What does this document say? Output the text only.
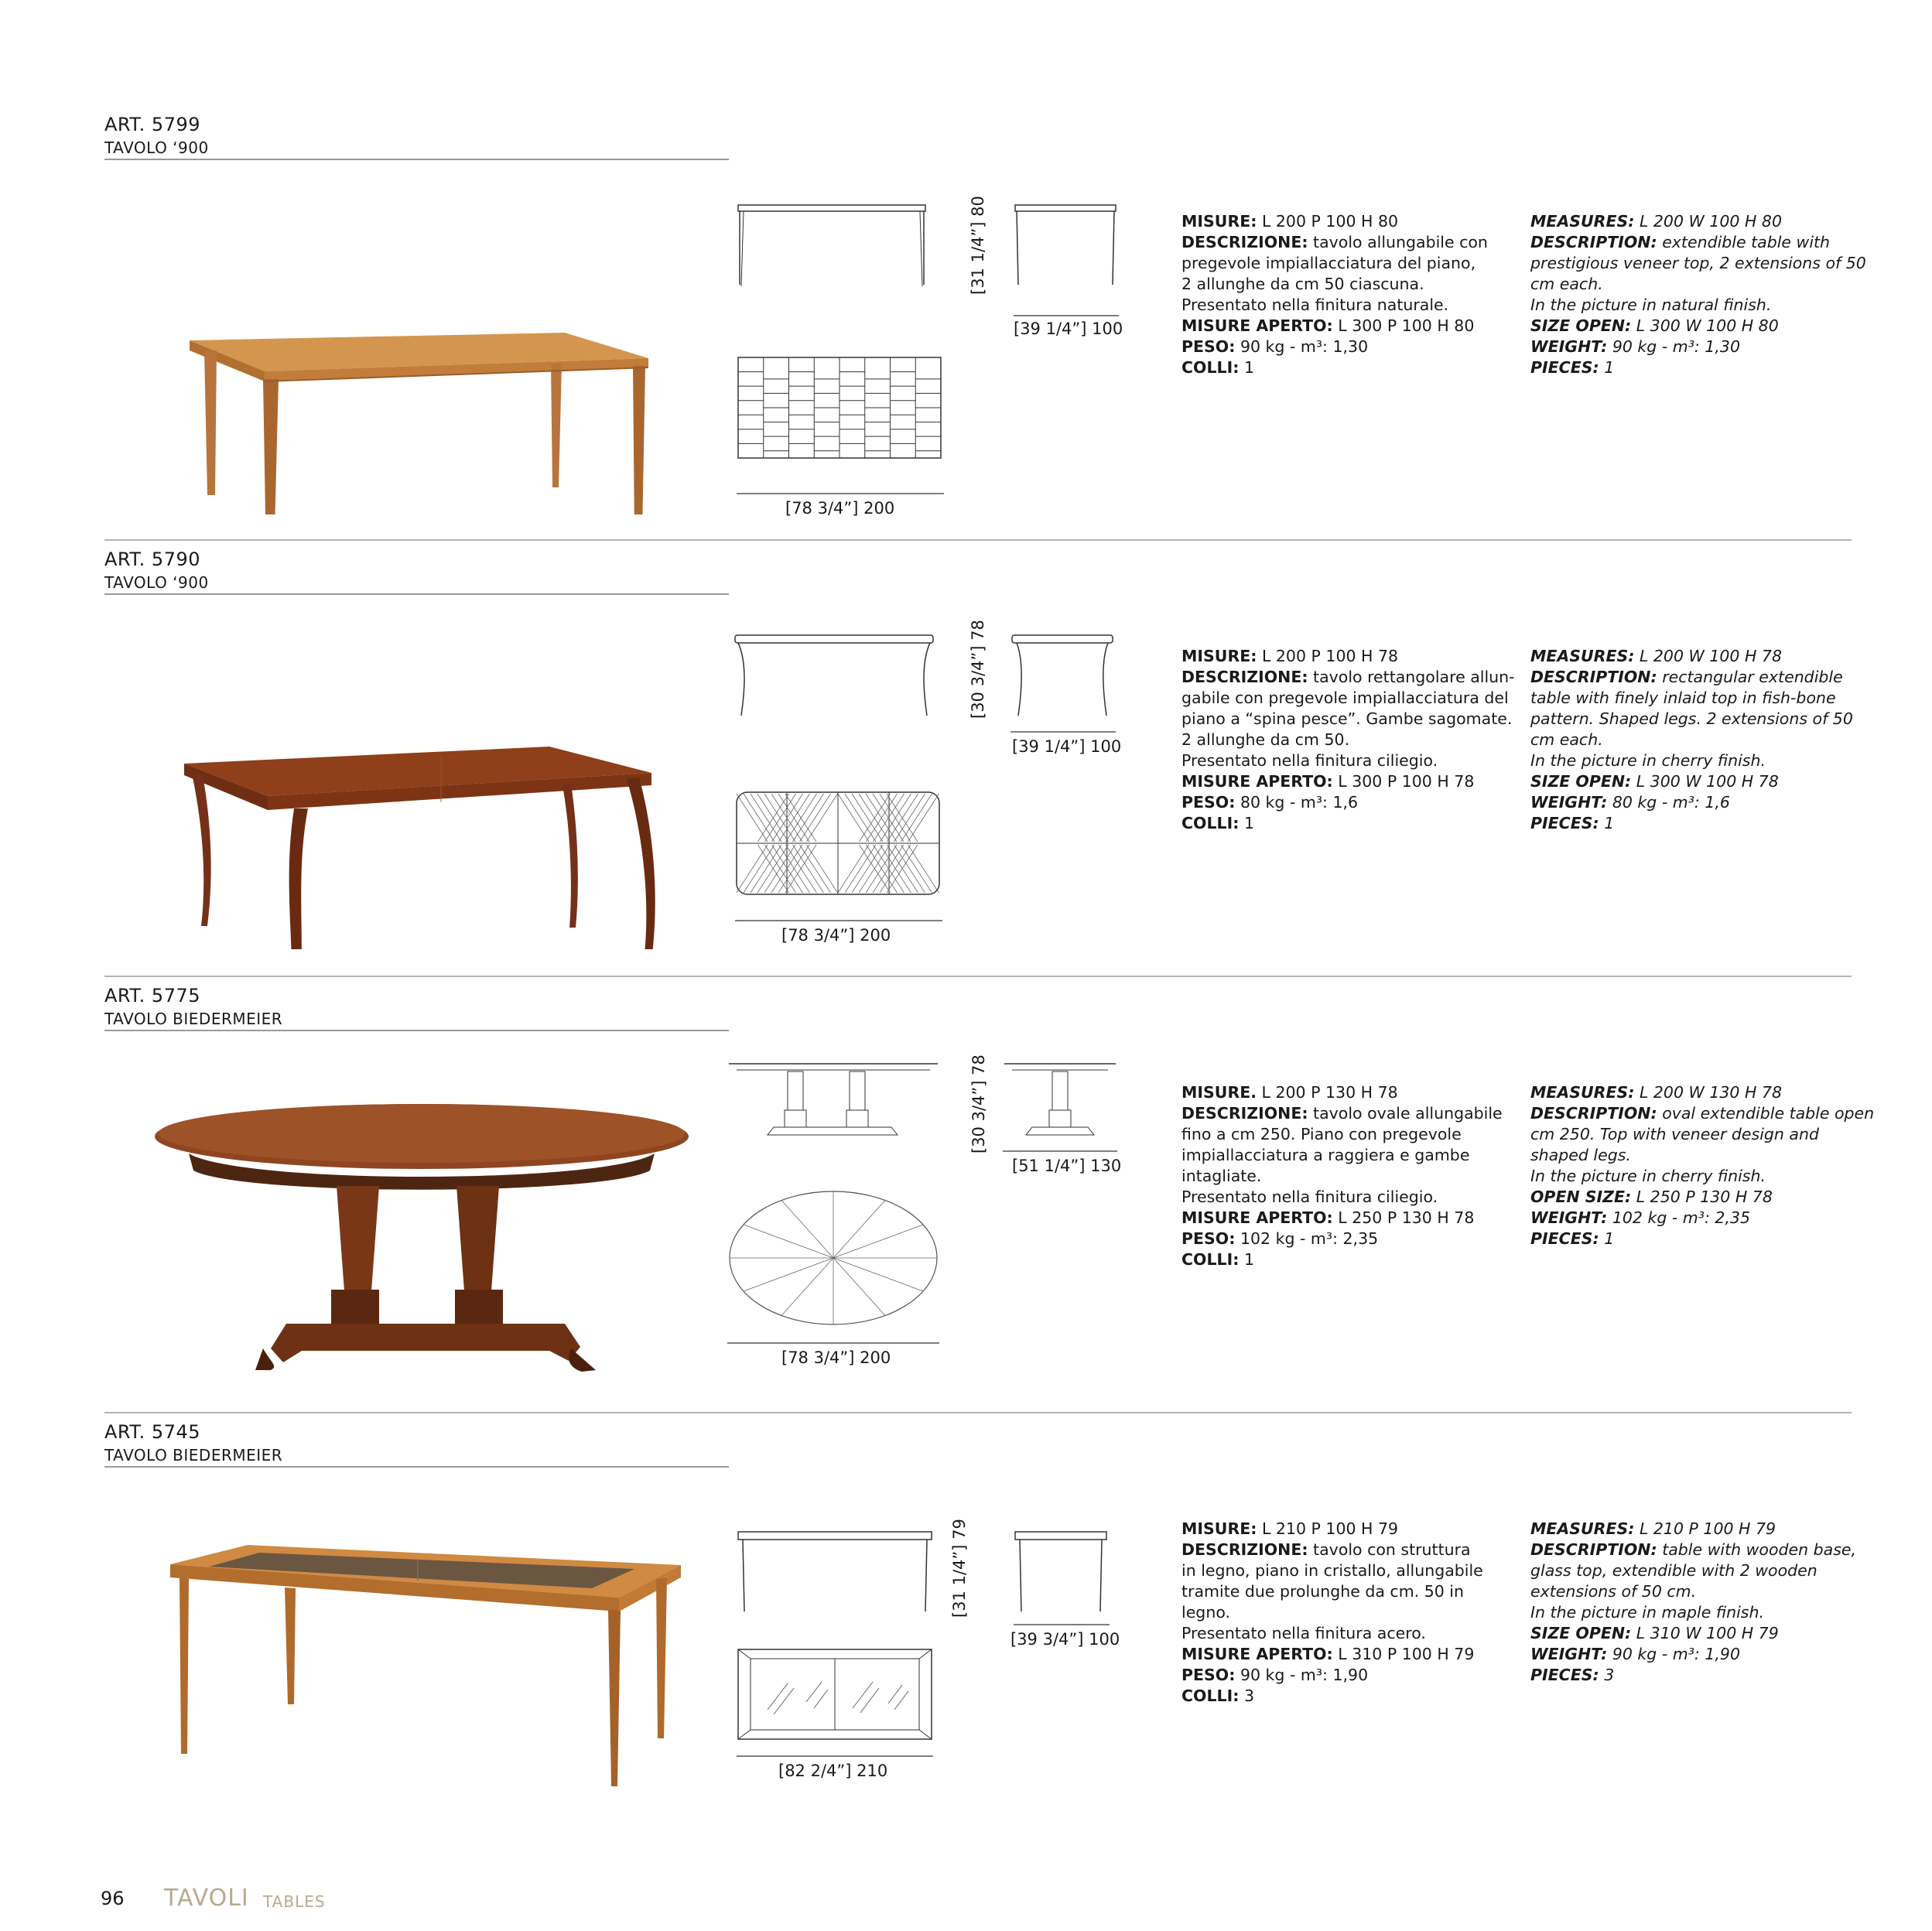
ART. 5799
TAVOLO ‘900
[31 1/4”] 80
[39 1/4”] 100
[78 3/4”] 200
MISURE: L 200 P 100 H 80
DESCRIZIONE: tavolo allungabile con
pregevole impiallacciatura del piano,
2 allunghe da cm 50 ciascuna.
Presentato nella finitura naturale.
MISURE APERTO: L 300 P 100 H 80
PESO: 90 kg - m³: 1,30
COLLI: 1
MEASURES: L 200 W 100 H 80
DESCRIPTION: extendible table with
prestigious veneer top, 2 extensions of 50
cm each.
In the picture in natural finish.
SIZE OPEN: L 300 W 100 H 80
WEIGHT: 90 kg - m³: 1,30
PIECES: 1
ART. 5790
TAVOLO ‘900
[30 3/4”] 78
[39 1/4”] 100
[78 3/4”] 200
MISURE: L 200 P 100 H 78
DESCRIZIONE: tavolo rettangolare allun-
gabile con pregevole impiallacciatura del
piano a “spina pesce”. Gambe sagomate.
2 allunghe da cm 50.
Presentato nella finitura ciliegio.
MISURE APERTO: L 300 P 100 H 78
PESO: 80 kg - m³: 1,6
COLLI: 1
MEASURES: L 200 W 100 H 78
DESCRIPTION: rectangular extendible
table with finely inlaid top in fish-bone
pattern. Shaped legs. 2 extensions of 50
cm each.
In the picture in cherry finish.
SIZE OPEN: L 300 W 100 H 78
WEIGHT: 80 kg - m³: 1,6
PIECES: 1
ART. 5775
TAVOLO BIEDERMEIER
[30 3/4”] 78
[51 1/4”] 130
[78 3/4”] 200
MISURE. L 200 P 130 H 78
DESCRIZIONE: tavolo ovale allungabile
fino a cm 250. Piano con pregevole
impiallacciatura a raggiera e gambe
intagliate.
Presentato nella finitura ciliegio.
MISURE APERTO: L 250 P 130 H 78
PESO: 102 kg - m³: 2,35
COLLI: 1
MEASURES: L 200 W 130 H 78
DESCRIPTION: oval extendible table open
cm 250. Top with veneer design and
shaped legs.
In the picture in cherry finish.
OPEN SIZE: L 250 P 130 H 78
WEIGHT: 102 kg - m³: 2,35
PIECES: 1
ART. 5745
TAVOLO BIEDERMEIER
[31 1/4”] 79
[39 3/4”] 100
[82 2/4”] 210
MISURE: L 210 P 100 H 79
DESCRIZIONE: tavolo con struttura
in legno, piano in cristallo, allungabile
tramite due prolunghe da cm. 50 in
legno.
Presentato nella finitura acero.
MISURE APERTO: L 310 P 100 H 79
PESO: 90 kg - m³: 1,90
COLLI: 3
MEASURES: L 210 P 100 H 79
DESCRIPTION: table with wooden base,
glass top, extendible with 2 wooden
extensions of 50 cm.
In the picture in maple finish.
SIZE OPEN: L 310 W 100 H 79
WEIGHT: 90 kg - m³: 1,90
PIECES: 3
96 TAVOLI TABLES
